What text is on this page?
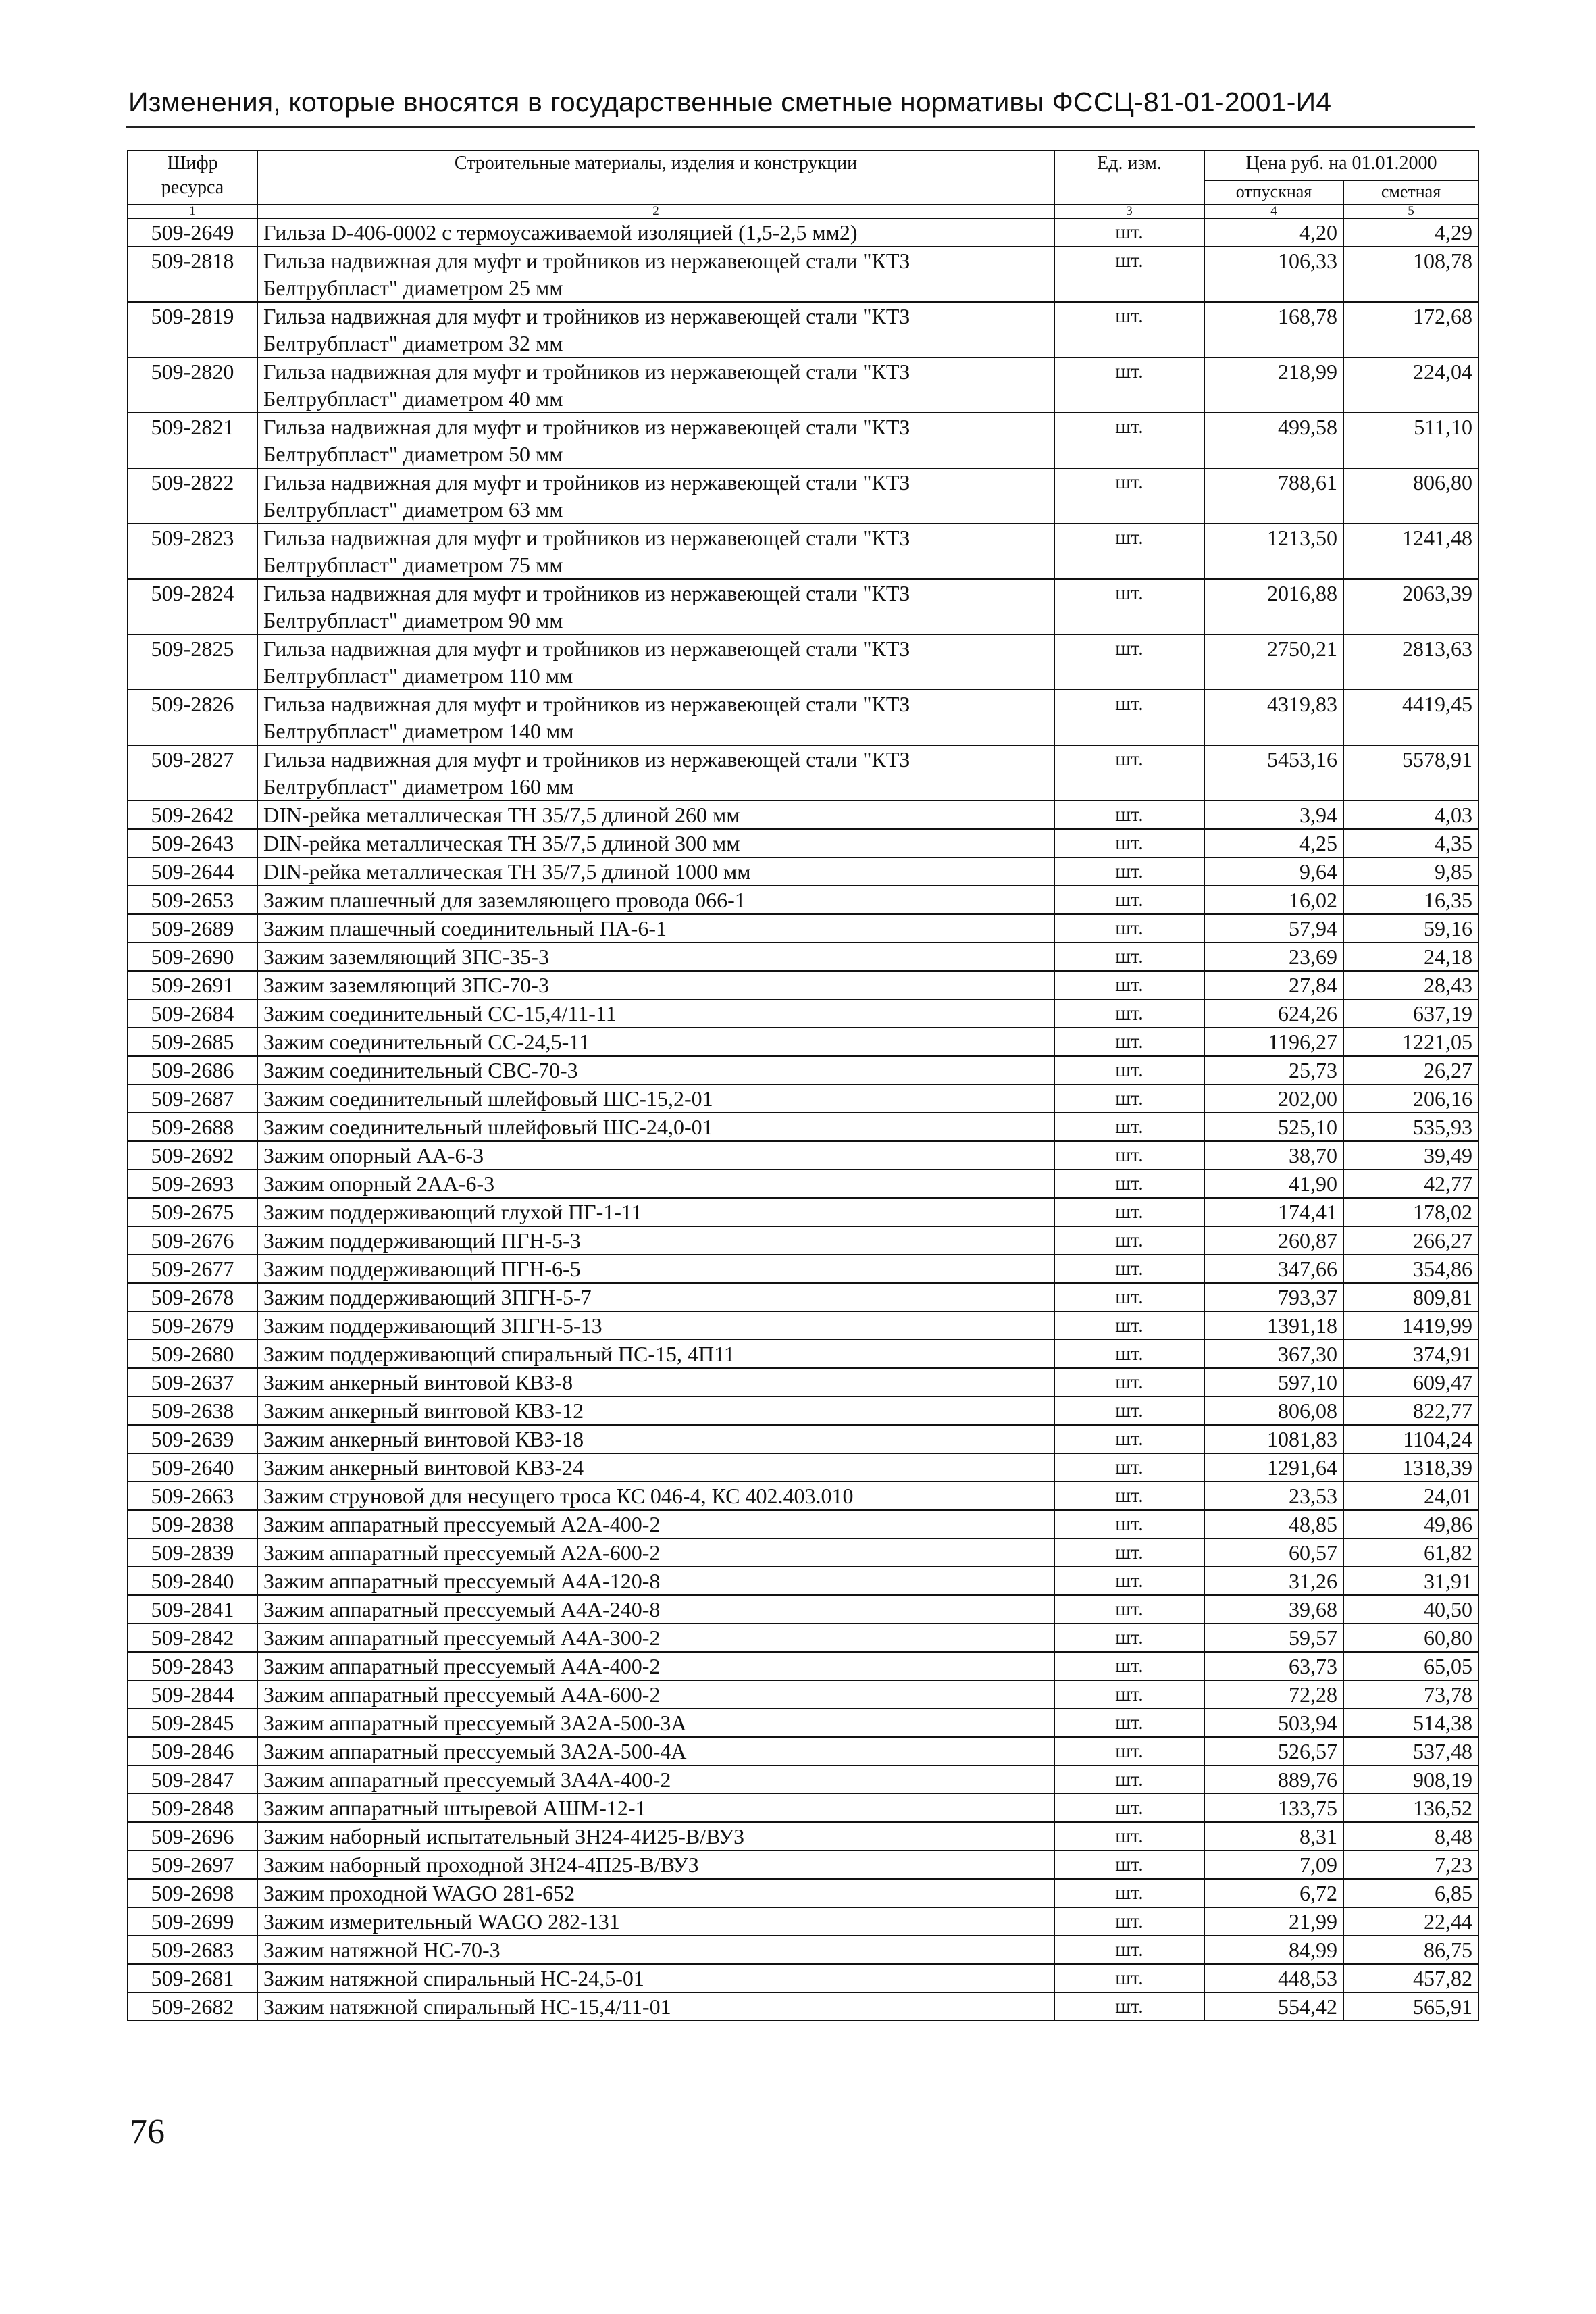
Изменения, которые вносятся в государственные сметные нормативы ФССЦ-81-01-2001-И4
Шифр ресурса	Строительные материалы, изделия и конструкции	Ед. изм.	Цена руб. на 01.01.2000	
			отпускная	сметная
1	2	3	4	5
509-2649	Гильза D-406-0002 с термоусаживаемой изоляцией (1,5-2,5 мм2)	шт.	4,20	4,29
509-2818	Гильза надвижная для муфт и тройников из нержавеющей стали "КТЗ Белтрубпласт" диаметром 25 мм	шт.	106,33	108,78
509-2819	Гильза надвижная для муфт и тройников из нержавеющей стали "КТЗ Белтрубпласт" диаметром 32 мм	шт.	168,78	172,68
509-2820	Гильза надвижная для муфт и тройников из нержавеющей стали "КТЗ Белтрубпласт" диаметром 40 мм	шт.	218,99	224,04
509-2821	Гильза надвижная для муфт и тройников из нержавеющей стали "КТЗ Белтрубпласт" диаметром 50 мм	шт.	499,58	511,10
509-2822	Гильза надвижная для муфт и тройников из нержавеющей стали "КТЗ Белтрубпласт" диаметром 63 мм	шт.	788,61	806,80
509-2823	Гильза надвижная для муфт и тройников из нержавеющей стали "КТЗ Белтрубпласт" диаметром 75 мм	шт.	1213,50	1241,48
509-2824	Гильза надвижная для муфт и тройников из нержавеющей стали "КТЗ Белтрубпласт" диаметром 90 мм	шт.	2016,88	2063,39
509-2825	Гильза надвижная для муфт и тройников из нержавеющей стали "КТЗ Белтрубпласт" диаметром 110 мм	шт.	2750,21	2813,63
509-2826	Гильза надвижная для муфт и тройников из нержавеющей стали "КТЗ Белтрубпласт" диаметром 140 мм	шт.	4319,83	4419,45
509-2827	Гильза надвижная для муфт и тройников из нержавеющей стали "КТЗ Белтрубпласт" диаметром 160 мм	шт.	5453,16	5578,91
509-2642	DIN-рейка металлическая ТН 35/7,5 длиной 260 мм	шт.	3,94	4,03
509-2643	DIN-рейка металлическая ТН 35/7,5 длиной 300 мм	шт.	4,25	4,35
509-2644	DIN-рейка металлическая ТН 35/7,5 длиной 1000 мм	шт.	9,64	9,85
509-2653	Зажим плашечный для заземляющего провода 066-1	шт.	16,02	16,35
509-2689	Зажим плашечный соединительный ПА-6-1	шт.	57,94	59,16
509-2690	Зажим заземляющий ЗПС-35-3	шт.	23,69	24,18
509-2691	Зажим заземляющий ЗПС-70-3	шт.	27,84	28,43
509-2684	Зажим соединительный СС-15,4/11-11	шт.	624,26	637,19
509-2685	Зажим соединительный СС-24,5-11	шт.	1196,27	1221,05
509-2686	Зажим соединительный СВС-70-3	шт.	25,73	26,27
509-2687	Зажим соединительный шлейфовый ШС-15,2-01	шт.	202,00	206,16
509-2688	Зажим соединительный шлейфовый ШС-24,0-01	шт.	525,10	535,93
509-2692	Зажим опорный АА-6-3	шт.	38,70	39,49
509-2693	Зажим опорный 2АА-6-3	шт.	41,90	42,77
509-2675	Зажим поддерживающий глухой ПГ-1-11	шт.	174,41	178,02
509-2676	Зажим поддерживающий ПГН-5-3	шт.	260,87	266,27
509-2677	Зажим поддерживающий ПГН-6-5	шт.	347,66	354,86
509-2678	Зажим поддерживающий 3ПГН-5-7	шт.	793,37	809,81
509-2679	Зажим поддерживающий 3ПГН-5-13	шт.	1391,18	1419,99
509-2680	Зажим поддерживающий спиральный ПС-15, 4П11	шт.	367,30	374,91
509-2637	Зажим анкерный винтовой КВЗ-8	шт.	597,10	609,47
509-2638	Зажим анкерный винтовой КВЗ-12	шт.	806,08	822,77
509-2639	Зажим анкерный винтовой КВЗ-18	шт.	1081,83	1104,24
509-2640	Зажим анкерный винтовой КВЗ-24	шт.	1291,64	1318,39
509-2663	Зажим струновой для несущего троса КС 046-4, КС 402.403.010	шт.	23,53	24,01
509-2838	Зажим аппаратный прессуемый А2А-400-2	шт.	48,85	49,86
509-2839	Зажим аппаратный прессуемый А2А-600-2	шт.	60,57	61,82
509-2840	Зажим аппаратный прессуемый А4А-120-8	шт.	31,26	31,91
509-2841	Зажим аппаратный прессуемый А4А-240-8	шт.	39,68	40,50
509-2842	Зажим аппаратный прессуемый А4А-300-2	шт.	59,57	60,80
509-2843	Зажим аппаратный прессуемый А4А-400-2	шт.	63,73	65,05
509-2844	Зажим аппаратный прессуемый А4А-600-2	шт.	72,28	73,78
509-2845	Зажим аппаратный прессуемый 3А2А-500-3А	шт.	503,94	514,38
509-2846	Зажим аппаратный прессуемый 3А2А-500-4А	шт.	526,57	537,48
509-2847	Зажим аппаратный прессуемый 3А4А-400-2	шт.	889,76	908,19
509-2848	Зажим аппаратный штыревой АШМ-12-1	шт.	133,75	136,52
509-2696	Зажим наборный испытательный ЗН24-4И25-В/ВУЗ	шт.	8,31	8,48
509-2697	Зажим наборный проходной ЗН24-4П25-В/ВУЗ	шт.	7,09	7,23
509-2698	Зажим проходной WAGO 281-652	шт.	6,72	6,85
509-2699	Зажим измерительный WAGO 282-131	шт.	21,99	22,44
509-2683	Зажим натяжной НС-70-3	шт.	84,99	86,75
509-2681	Зажим натяжной спиральный НС-24,5-01	шт.	448,53	457,82
509-2682	Зажим натяжной спиральный НС-15,4/11-01	шт.	554,42	565,91
76
